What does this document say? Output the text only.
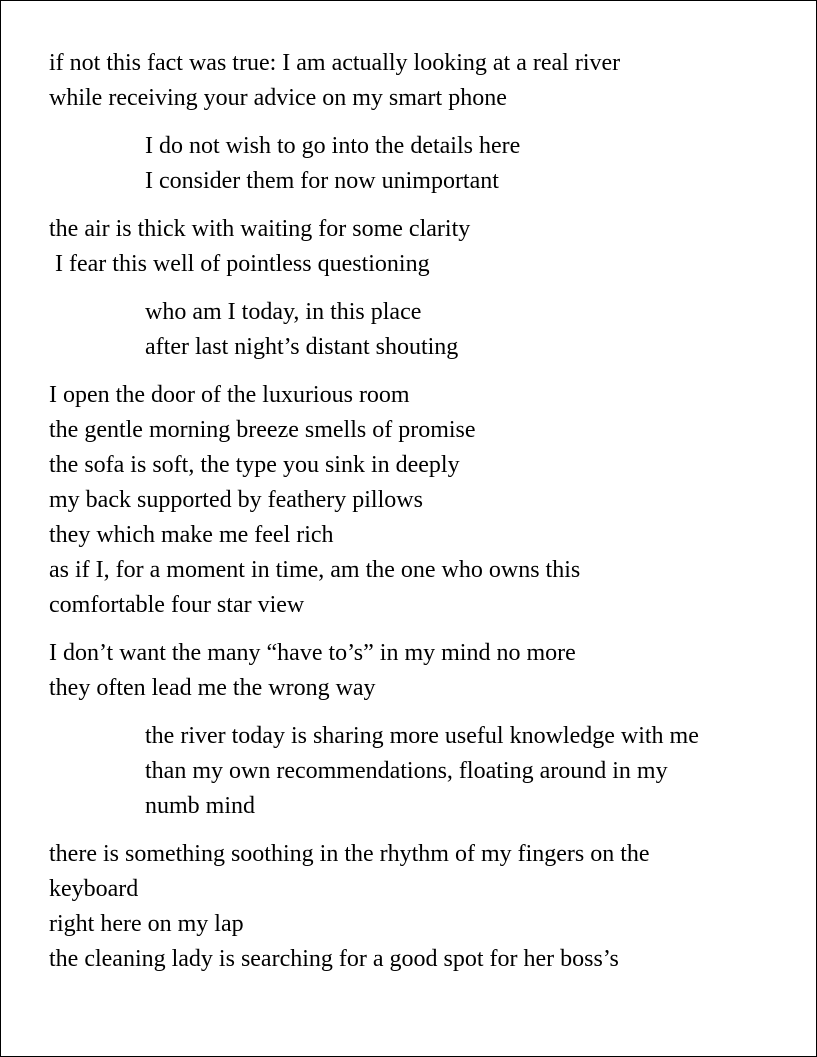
if not this fact was true: I am actually looking at a real river
while receiving your advice on my smart phone
I do not wish to go into the details here
I consider them for now unimportant
the air is thick with waiting for some clarity
I fear this well of pointless questioning
who am I today, in this place
after last night’s distant shouting
I open the door of the luxurious room
the gentle morning breeze smells of promise
the sofa is soft, the type you sink in deeply
my back supported by feathery pillows
they which make me feel rich
as if I, for a moment in time, am the one who owns this
comfortable four star view
I don’t want the many “have to’s” in my mind no more
they often lead me the wrong way
the river today is sharing more useful knowledge with me
than my own recommendations, floating around in my
numb mind
there is something soothing in the rhythm of my fingers on the
keyboard
right here on my lap
the cleaning lady is searching for a good spot for her boss’s
